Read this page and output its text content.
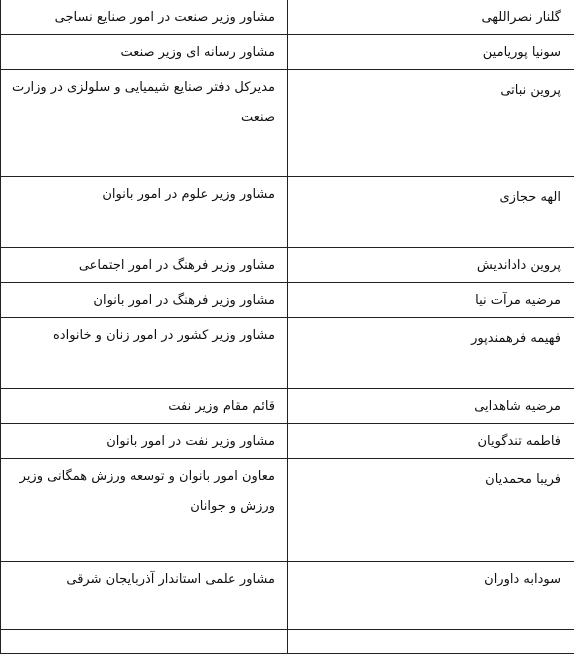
گلنار نصراللهی	مشاور وزیر صنعت در امور صنایع نساجی
سونیا پوریامین	مشاور رسانه ای وزیر صنعت
پروین نباتی	مدیرکل دفتر صنایع شیمیایی و سلولزی در وزارت صنعت
الهه حجازی	مشاور وزیر علوم در امور بانوان
پروین دادانديش	مشاور وزیر فرهنگ در امور اجتماعی
مرضیه مرآت نیا	مشاور وزیر فرهنگ در امور بانوان
فهیمه فرهمندپور	مشاور وزیر کشور در امور زنان و خانواده
مرضیه شاهدایی	قائم مقام وزیر نفت
فاطمه تندگویان	مشاور وزیر نفت در امور بانوان
فریبا محمدیان	معاون امور بانوان و توسعه ورزش همگانی وزیر ورزش و جوانان
سودابه داوران	مشاور علمی استاندار آذربایجان شرقی
